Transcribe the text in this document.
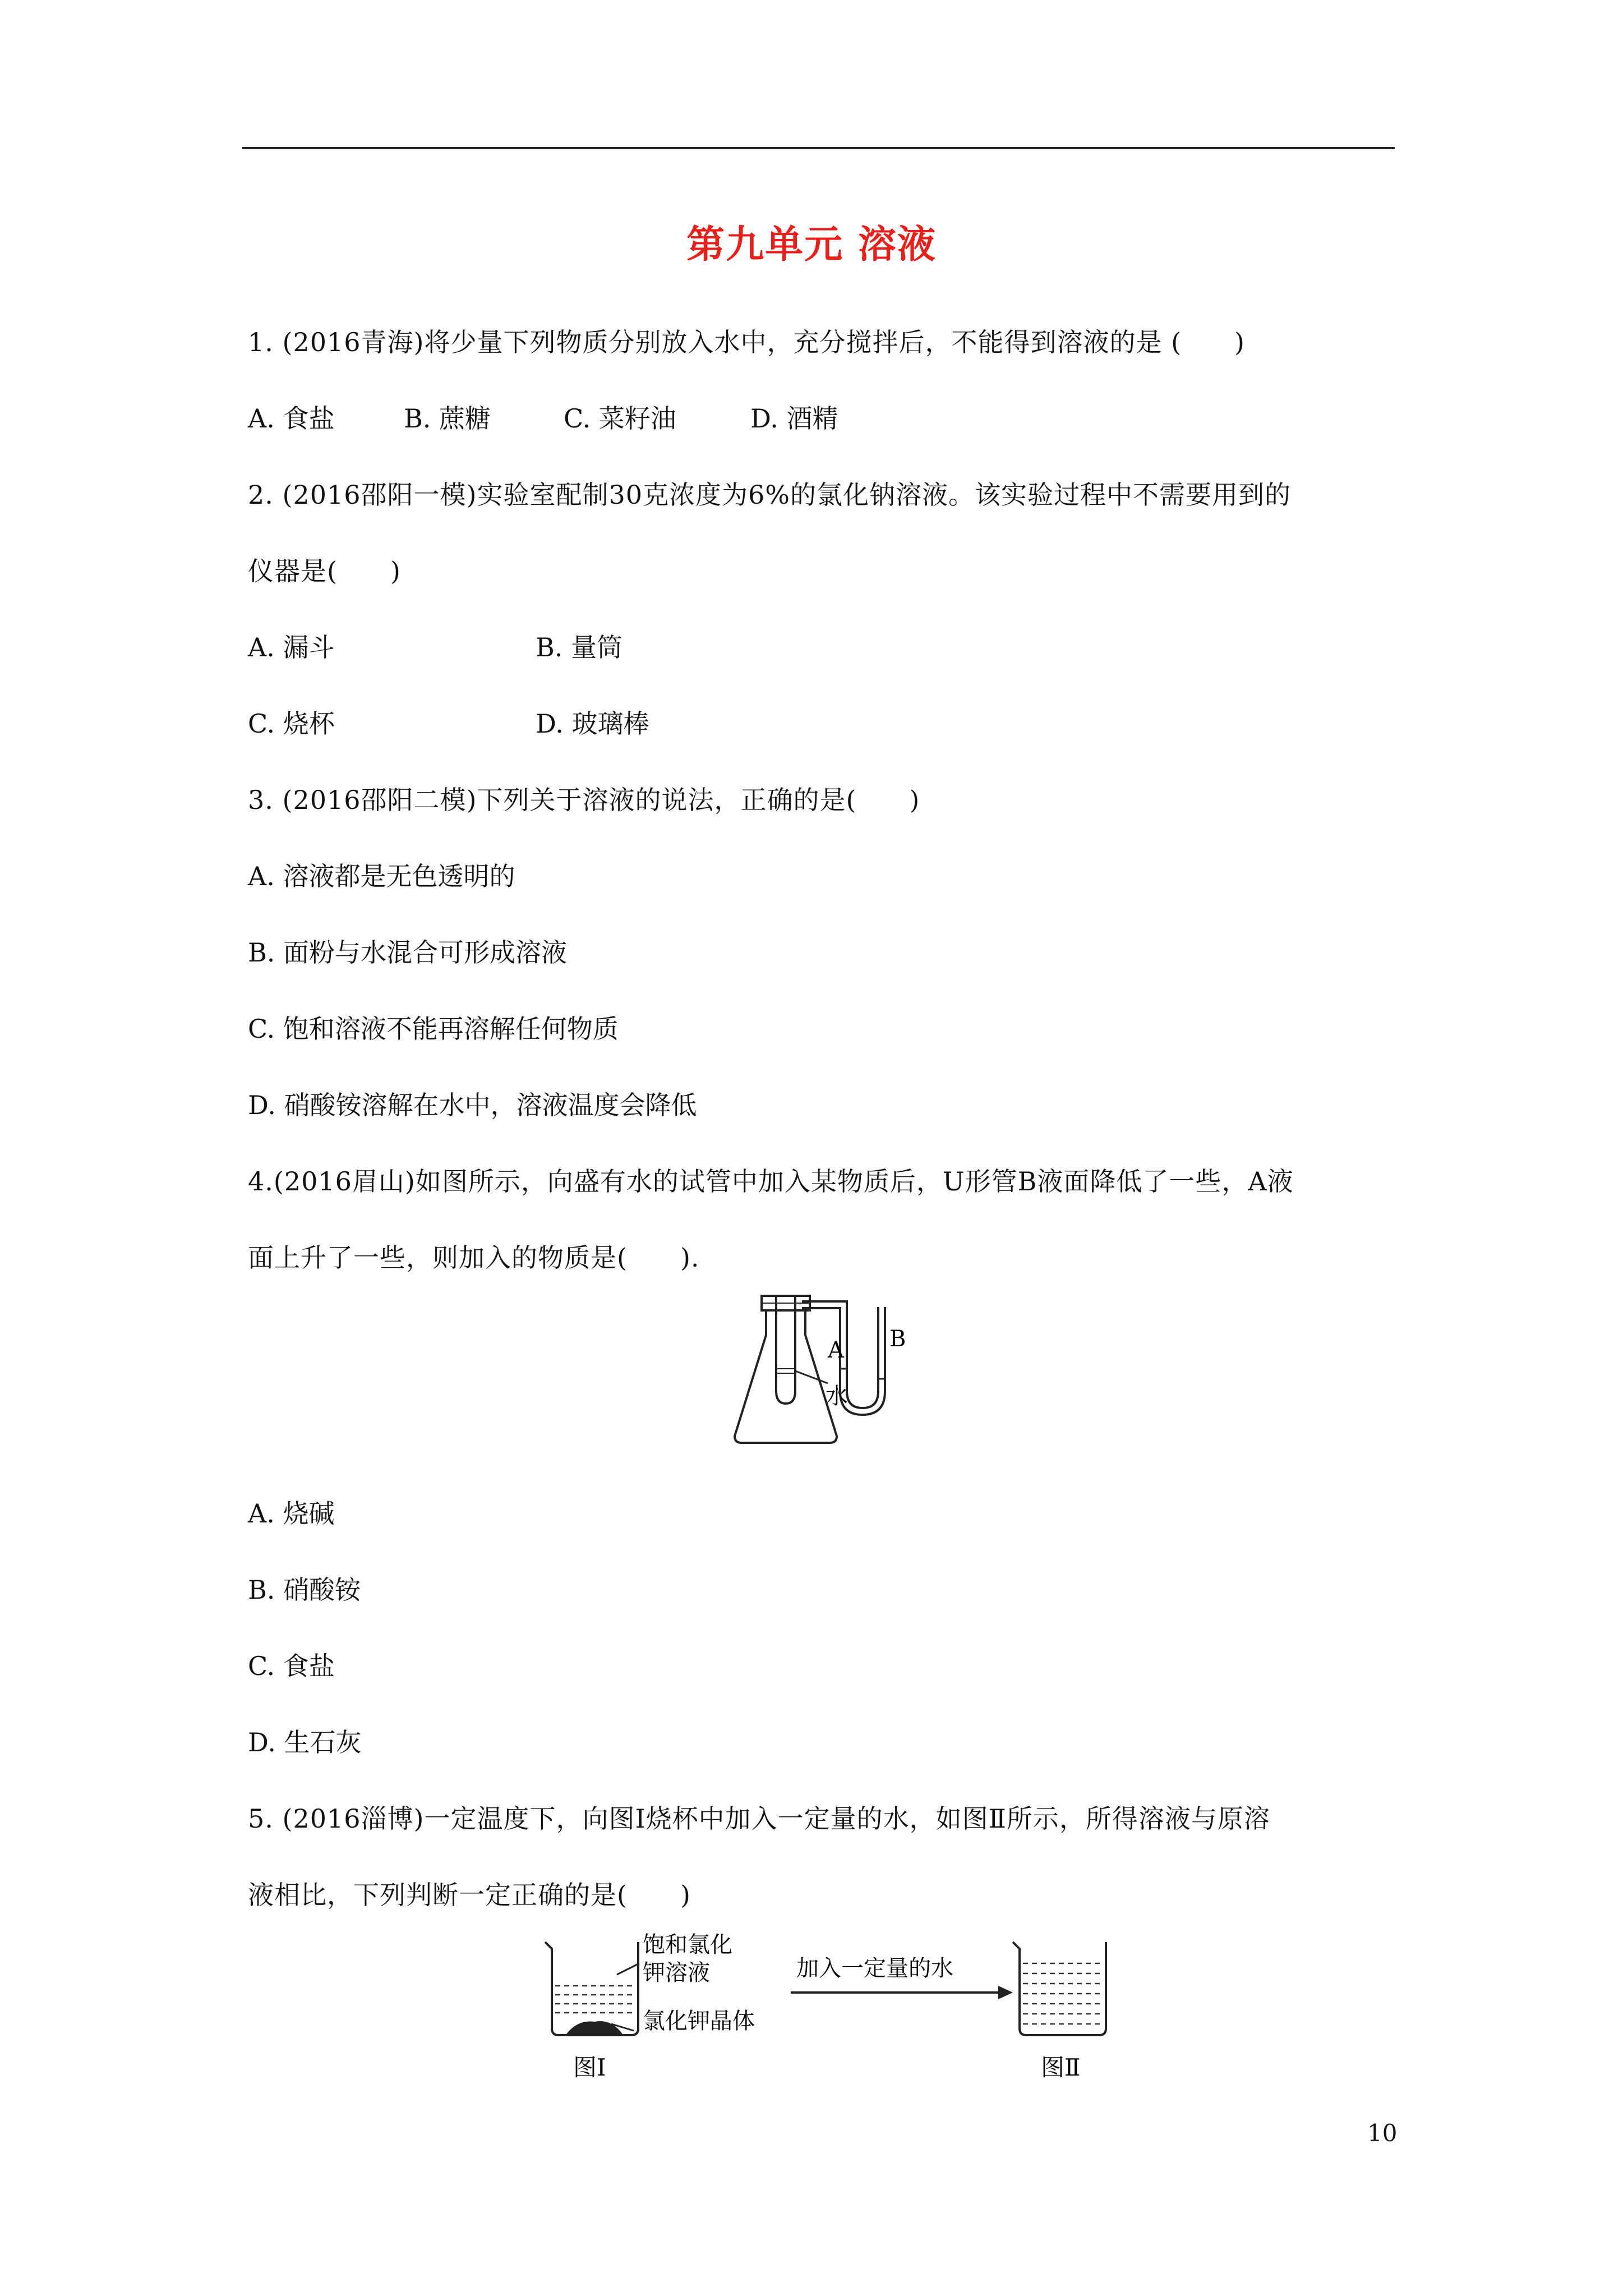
第九单元 溶液
1. (2016青海)将少量下列物质分别放入水中，充分搅拌后，不能得到溶液的是 (　　)
A. 食盐	B. 蔗糖	C. 菜籽油	D. 酒精
2. (2016邵阳一模)实验室配制30克浓度为6%的氯化钠溶液。该实验过程中不需要用到的
仪器是(　　)
A. 漏斗	B. 量筒
C. 烧杯	D. 玻璃棒
3. (2016邵阳二模)下列关于溶液的说法，正确的是(　　)
A. 溶液都是无色透明的
B. 面粉与水混合可形成溶液
C. 饱和溶液不能再溶解任何物质
D. 硝酸铵溶解在水中，溶液温度会降低
4.(2016眉山)如图所示，向盛有水的试管中加入某物质后，U形管B液面降低了一些，A液
面上升了一些，则加入的物质是(　　).
A B
水
A. 烧碱
B. 硝酸铵
C. 食盐
D. 生石灰
5. (2016淄博)一定温度下，向图Ⅰ烧杯中加入一定量的水，如图Ⅱ所示，所得溶液与原溶
液相比，下列判断一定正确的是(　　)
饱和氯化
钾溶液
氯化钾晶体
图Ⅰ
加入一定量的水
图Ⅱ
10
